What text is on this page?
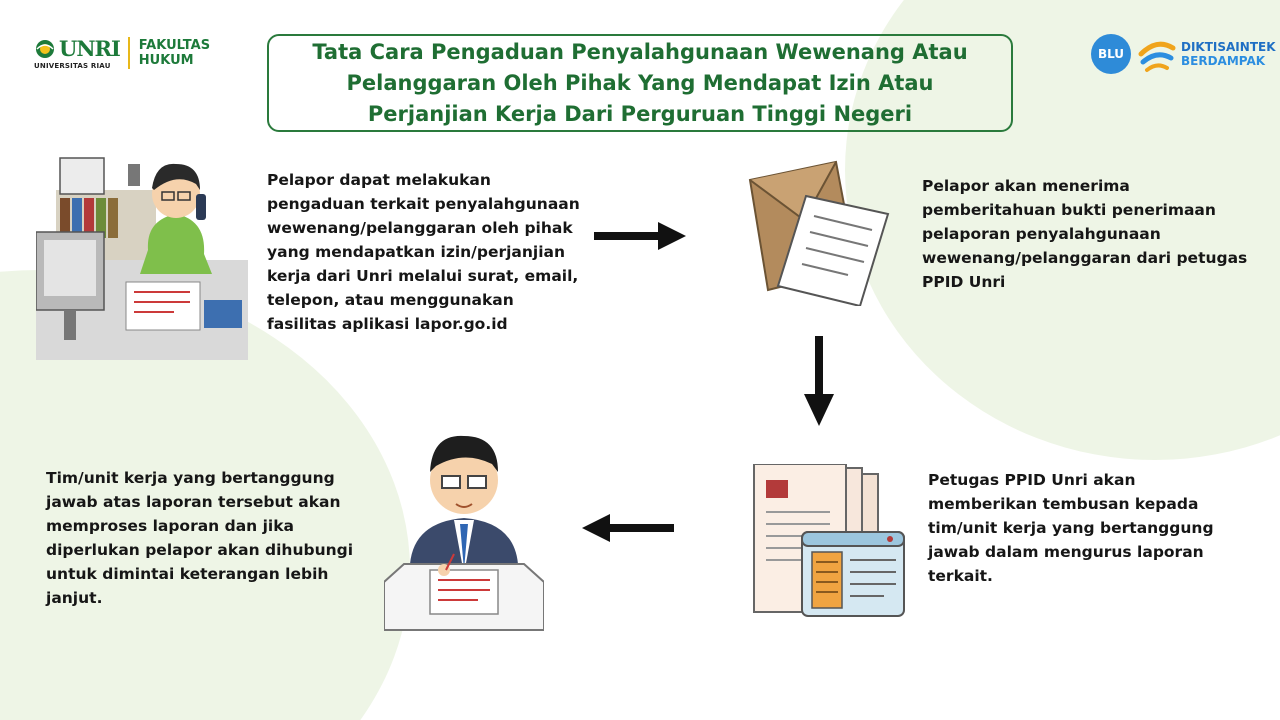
UNRI
UNIVERSITAS RIAU
FAKULTAS
HUKUM	BLU	DIKTISAINTEK
BERDAMPAK
Tata Cara Pengaduan Penyalahgunaan Wewenang Atau Pelanggaran Oleh Pihak Yang Mendapat Izin Atau Perjanjian Kerja Dari Perguruan Tinggi Negeri
Pelapor dapat melakukan pengaduan terkait penyalahgunaan wewenang/pelanggaran oleh pihak yang mendapatkan izin/perjanjian kerja dari Unri melalui surat, email, telepon, atau menggunakan fasilitas aplikasi lapor.go.id
Pelapor akan menerima pemberitahuan bukti penerimaan pelaporan penyalahgunaan wewenang/pelanggaran dari petugas PPID Unri
Petugas PPID Unri akan memberikan tembusan kepada tim/unit kerja yang bertanggung jawab dalam mengurus laporan terkait.
Tim/unit kerja yang bertanggung jawab atas laporan tersebut akan memproses laporan dan jika diperlukan pelapor akan dihubungi untuk dimintai keterangan lebih janjut.
